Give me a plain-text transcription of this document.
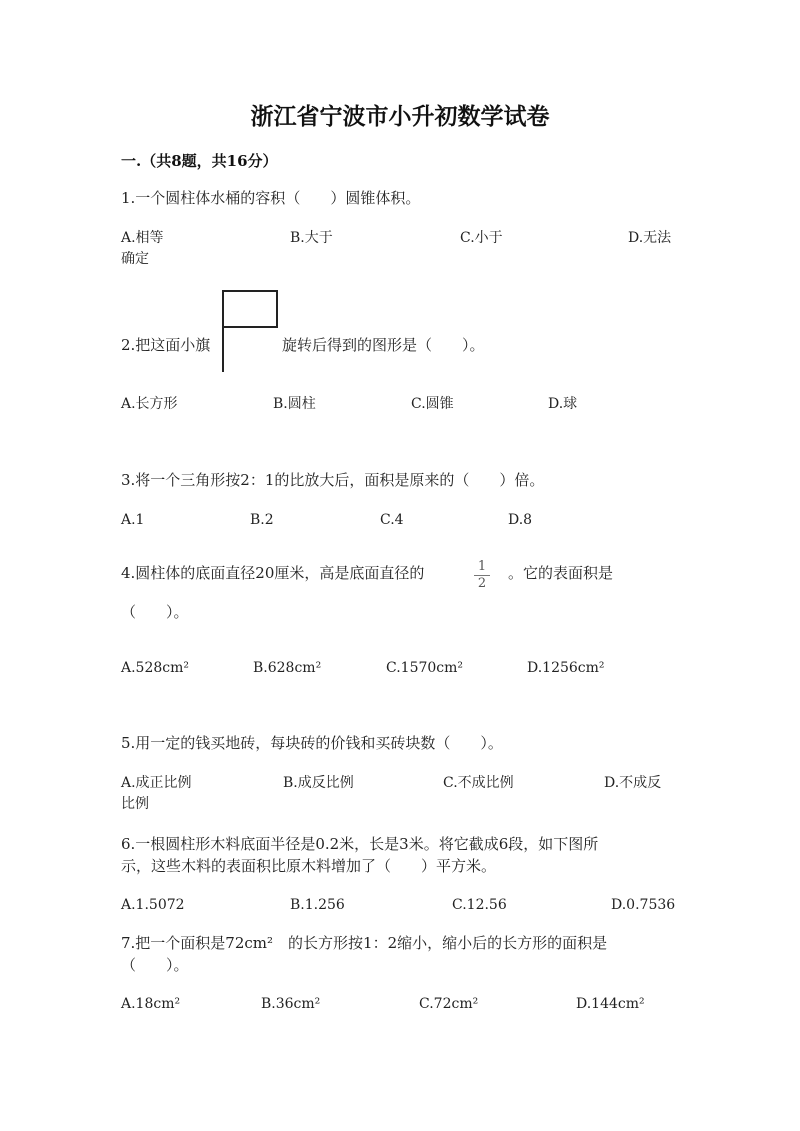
浙江省宁波市小升初数学试卷
一.（共8题，共16分）
1.一个圆柱体水桶的容积（　　）圆锥体积。
A.相等	B.大于	C.小于	D.无法
确定
2.把这面小旗	旋转后得到的图形是（　　）。
A.长方形	B.圆柱	C.圆锥	D.球
3.将一个三角形按2：1的比放大后，面积是原来的（　　）倍。
A.1	B.2	C.4	D.8
4.圆柱体的底面直径20厘米，高是底面直径的	1
2
。它的表面积是
（　　）。
A.528cm²	B.628cm²	C.1570cm²	D.1256cm²
5.用一定的钱买地砖，每块砖的价钱和买砖块数（　　）。
A.成正比例	B.成反比例	C.不成比例	D.不成反
比例
6.一根圆柱形木料底面半径是0.2米，长是3米。将它截成6段，如下图所
示，这些木料的表面积比原木料增加了（　　）平方米。
A.1.5072	B.1.256	C.12.56	D.0.7536
7.把一个面积是72cm²　的长方形按1：2缩小，缩小后的长方形的面积是
（　　）。
A.18cm²	B.36cm²	C.72cm²	D.144cm²
